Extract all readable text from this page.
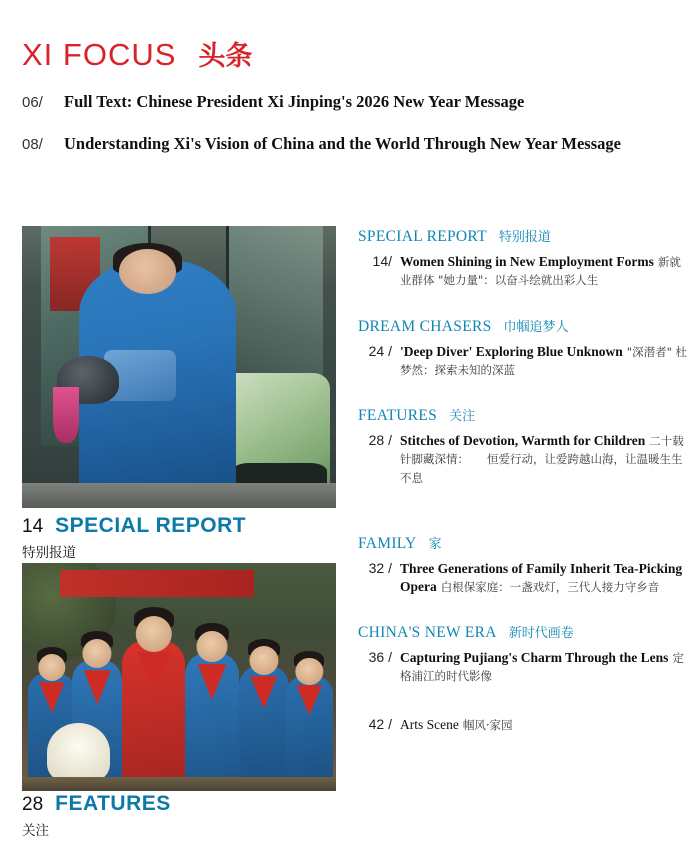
XI FOCUS 头条
06/	Full Text: Chinese President Xi Jinping's 2026 New Year Message
08/	Understanding Xi's Vision of China and the World Through New Year Message
14 SPECIAL REPORT
特别报道
28 FEATURES
关注
SPECIAL REPORT 特别报道
14/ Women Shining in New Employment Forms 新就业群体 "她力量"：以奋斗绘就出彩人生
DREAM CHASERS 巾帼追梦人
24 / 'Deep Diver' Exploring Blue Unknown "深潜者" 杜梦然：探索未知的深蓝
FEATURES 关注
28 / Stitches of Devotion, Warmth for Children 二十载针脚藏深情： 恒爱行动，让爱跨越山海，让温暖生生不息
FAMILY 家
32 / Three Generations of Family Inherit Tea-Picking Opera 白根保家庭：一盏戏灯，三代人接力守乡音
CHINA'S NEW ERA 新时代画卷
36 / Capturing Pujiang's Charm Through the Lens 定格浦江的时代影像
42 / Arts Scene 帼风·家园
